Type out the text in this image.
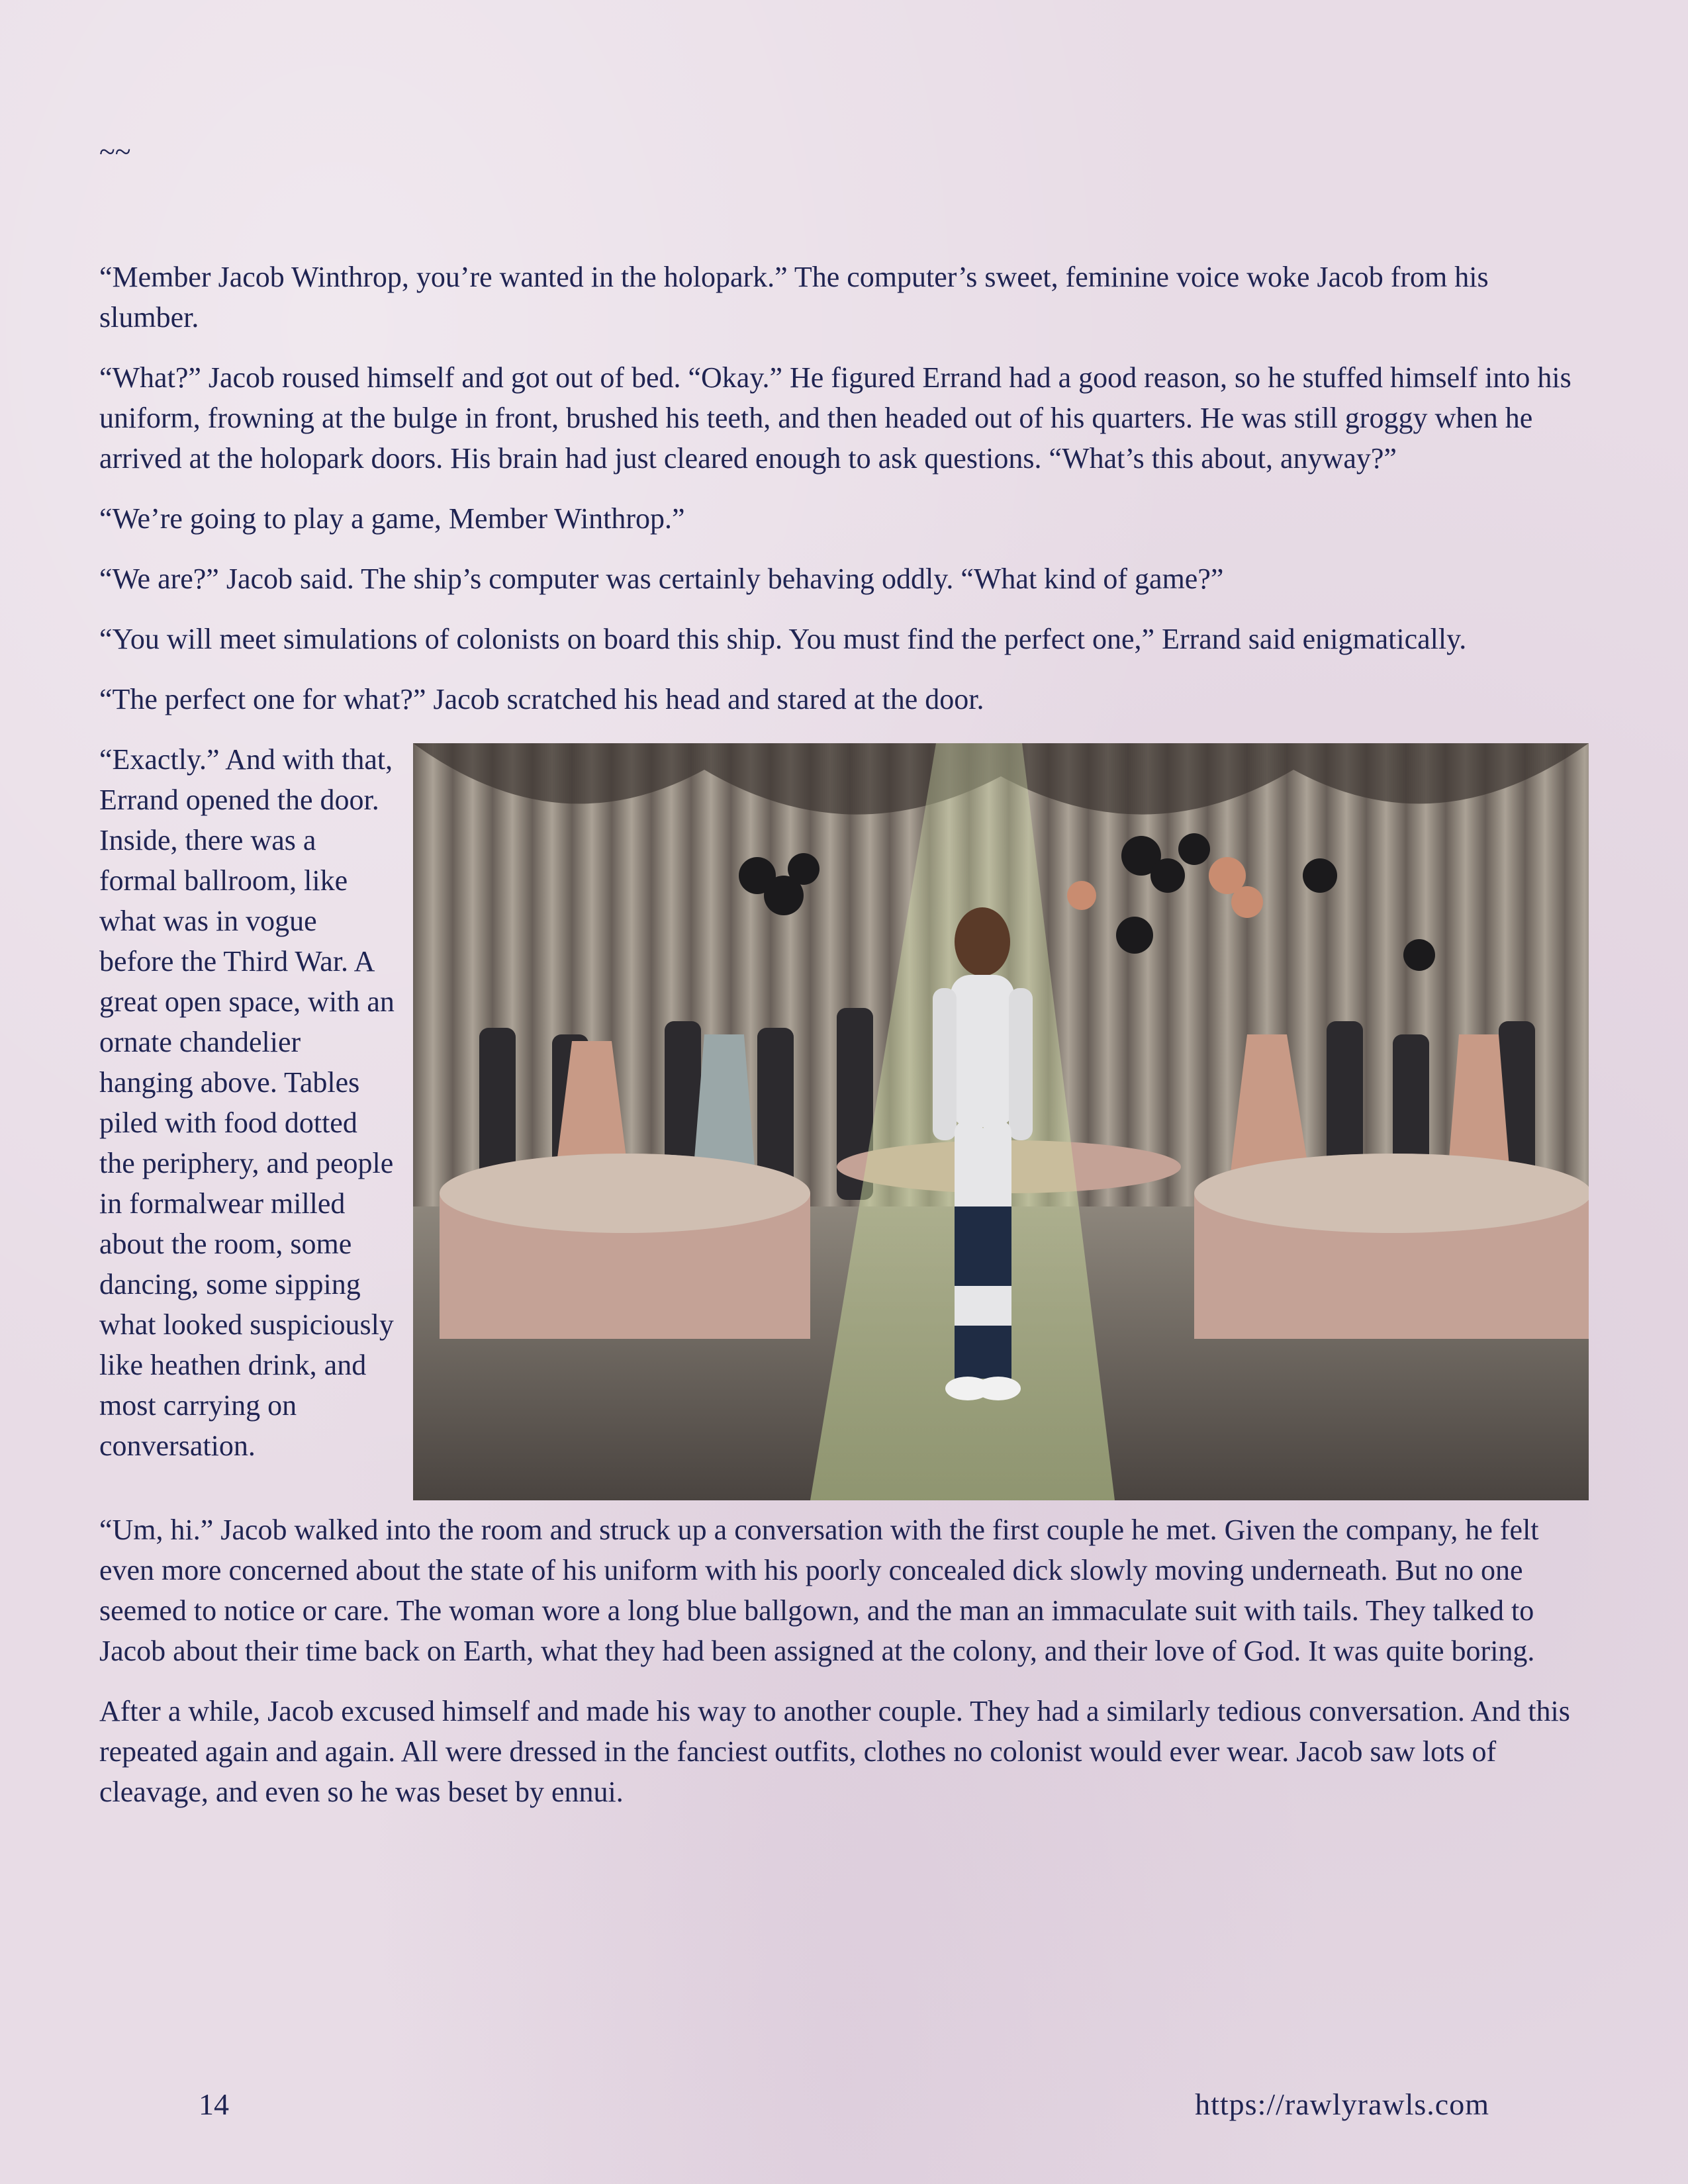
~~

“Member Jacob Winthrop, you’re wanted in the holopark.” The computer’s sweet, feminine voice woke Jacob from his slumber.

“What?” Jacob roused himself and got out of bed. “Okay.” He figured Errand had a good reason, so he stuffed himself into his uniform, frowning at the bulge in front, brushed his teeth, and then headed out of his quarters. He was still groggy when he arrived at the holopark doors. His brain had just cleared enough to ask questions. “What’s this about, anyway?”

“We’re going to play a game, Member Winthrop.”

“We are?” Jacob said. The ship’s computer was certainly behaving oddly. “What kind of game?”

“You will meet simulations of colonists on board this ship. You must find the perfect one,” Errand said enigmatically.

“The perfect one for what?” Jacob scratched his head and stared at the door.

“Exactly.” And with that, Errand opened the door. Inside, there was a formal ballroom, like what was in vogue before the Third War. A great open space, with an ornate chandelier hanging above. Tables piled with food dotted the periphery, and people in formalwear milled about the room, some dancing, some sipping what looked suspiciously like heathen drink, and most carrying on conversation.

“Um, hi.” Jacob walked into the room and struck up a conversation with the first couple he met. Given the company, he felt even more concerned about the state of his uniform with his poorly concealed dick slowly moving underneath. But no one seemed to notice or care. The woman wore a long blue ballgown, and the man an immaculate suit with tails. They talked to Jacob about their time back on Earth, what they had been assigned at the colony, and their love of God. It was quite boring.

After a while, Jacob excused himself and made his way to another couple. They had a similarly tedious conversation. And this repeated again and again. All were dressed in the fanciest outfits, clothes no colonist would ever wear. Jacob saw lots of cleavage, and even so he was beset by ennui.

14	https://rawlyrawls.com
